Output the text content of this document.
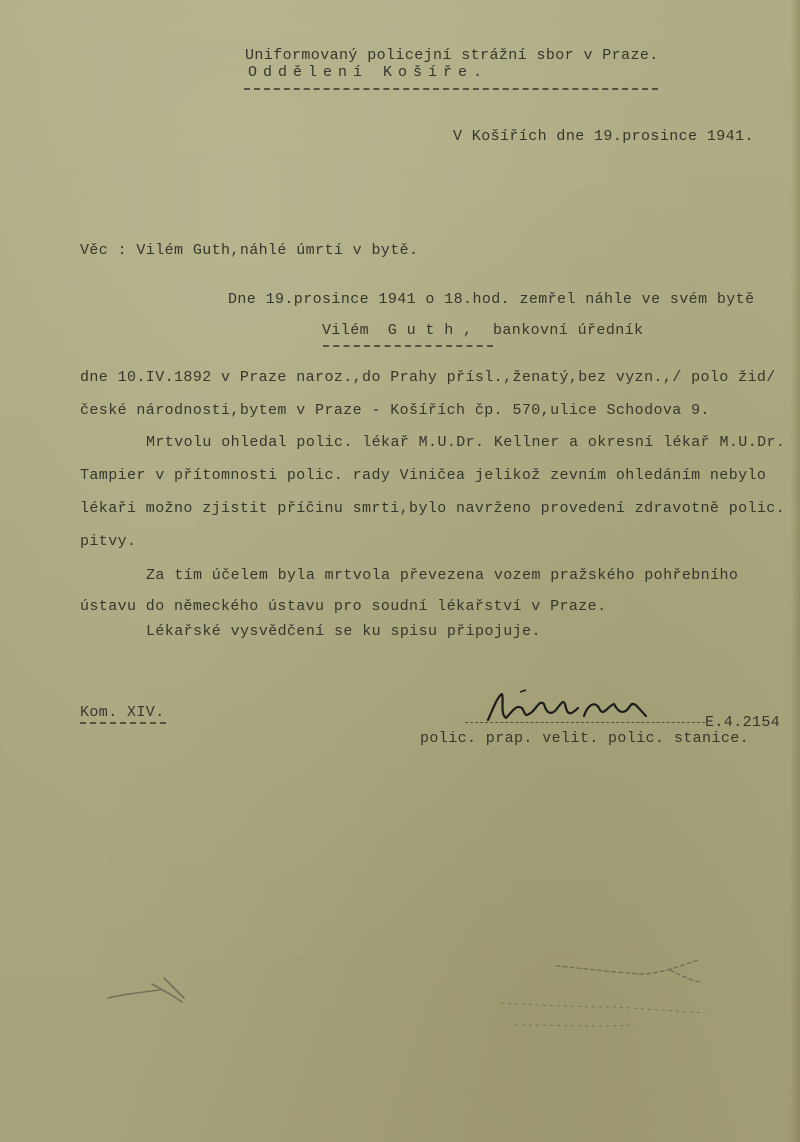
Uniformovaný policejní strážní sbor v Praze.
Oddělení Košíře.
V Košířích dne 19.prosince 1941.
Věc : Vilém Guth,náhlé úmrtí v bytě.
Dne 19.prosince 1941 o 18.hod. zemřel náhle ve svém bytě
Vilém  G u t h , bankovní úředník
dne 10.IV.1892 v Praze naroz.,do Prahy přísl.,ženatý,bez vyzn.,/ polo žid/
české národnosti,bytem v Praze - Košířích čp. 570,ulice Schodova 9.
Mrtvolu ohledal polic. lékař M.U.Dr. Kellner a okresní lékař M.U.Dr.
Tampier v přítomnosti polic. rady Viničea jelikož zevním ohledáním nebylo
lékaři možno zjistit příčinu smrti,bylo navrženo provedení zdravotně polic.
pitvy.
Za tím účelem byla mrtvola převezena vozem pražského pohřebního
ústavu do německého ústavu pro soudní lékařství v Praze.
Lékařské vysvědčení se ku spisu připojuje.
Kom. XIV.
E.4.2154
polic. prap. velit. polic. stanice.
